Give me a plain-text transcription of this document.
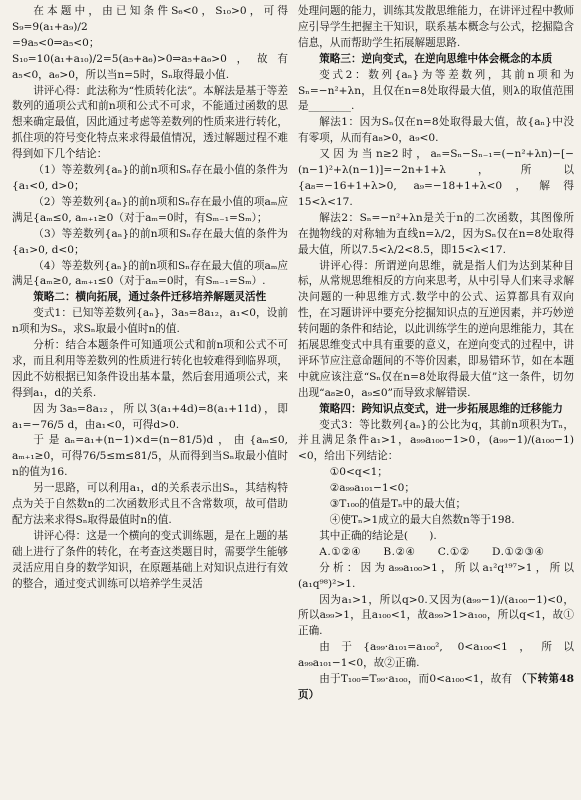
在本题中，由已知条件S₆<0，S₁₀>0，可得S₉=9(a₁+a₉)/2

=9a₅<0⇒a₅<0；

S₁₀=10(a₁+a₁₀)/2=5(a₅+a₆)>0⇒a₅+a₆>0，故有a₅<0，a₆>0，所以当n=5时，Sₙ取得最小值.

讲评心得：此法称为“性质转化法”。本解法是基于等差数列的通项公式和前n项和公式不可求，不能通过函数的思想来确定最值，因此通过考虑等差数列的性质来进行转化，抓住项的符号变化特点来求得最值情况，透过解题过程不难得到如下几个结论：

（1）等差数列{aₙ}的前n项和Sₙ存在最小值的条件为{a₁<0, d>0；

（2）等差数列{aₙ}的前n项和Sₙ存在最小值的项aₘ应满足{aₘ≤0, aₘ₊₁≥0（对于aₘ=0时，有Sₘ₋₁=Sₘ）；

（3）等差数列{aₙ}的前n项和Sₙ存在最大值的条件为{a₁>0, d<0；

（4）等差数列{aₙ}的前n项和Sₙ存在最大值的项aₘ应满足{aₘ≥0, aₘ₊₁≤0（对于aₘ=0时，有Sₘ₋₁=Sₘ）.

策略二：横向拓展，通过条件迁移培养解题灵活性

变式1：已知等差数列{aₙ}，3a₅=8a₁₂，a₁<0，设前n项和为Sₙ，求Sₙ取最小值时n的值.

分析：结合本题条件可知通项公式和前n项和公式不可求，而且利用等差数列的性质进行转化也较难得到临界项，因此不妨根据已知条件设出基本量，然后套用通项公式，来得到a₁，d的关系.

因为3a₅=8a₁₂，所以3(a₁+4d)=8(a₁+11d)，即a₁=−76/5 d，由a₁<0，可得d>0.

于是aₙ=a₁+(n−1)×d=(n−81/5)d，由{aₘ≤0, aₘ₊₁≥0，可得76/5≤m≤81/5，从而得到当Sₙ取最小值时n的值为16.

另一思路，可以利用a₁，d的关系表示出Sₙ，其结构特点为关于自然数n的二次函数形式且不含常数项，故可借助配方法来求得Sₙ取得最值时n的值.

讲评心得：这是一个横向的变式训练题，是在上题的基础上进行了条件的转化，在考查这类题目时，需要学生能够灵活应用自身的数学知识，在原题基础上对知识点进行有效的整合，通过变式训练可以培养学生灵活

处理问题的能力，训练其发散思维能力，在讲评过程中教师应引导学生把握主干知识，联系基本概念与公式，挖掘隐含信息，从而帮助学生拓展解题思路.

策略三：逆向变式，在逆向思维中体会概念的本质

变式2：数列{aₙ}为等差数列，其前n项和为Sₙ=−n²+λn，且仅在n=8处取得最大值，则λ的取值范围是________.

解法1：因为Sₙ仅在n=8处取得最大值，故{aₙ}中没有零项，从而有a₈>0，a₉<0.

又因为当n≥2时，aₙ=Sₙ−Sₙ₋₁=(−n²+λn)−[−(n−1)²+λ(n−1)]=−2n+1+λ，所以{a₈=−16+1+λ>0, a₉=−18+1+λ<0，解得15<λ<17.

解法2：Sₙ=−n²+λn是关于n的二次函数，其图像所在抛物线的对称轴为直线n=λ/2，因为Sₙ仅在n=8处取得最大值，所以7.5<λ/2<8.5，即15<λ<17.

讲评心得：所谓逆向思维，就是指人们为达到某种目标，从常规思维相反的方向来思考，从中引导人们来寻求解决问题的一种思维方式.数学中的公式、运算都具有双向性，在习题讲评中要充分挖掘知识点的互逆因素，并巧妙逆转问题的条件和结论，以此训练学生的逆向思维能力，其在拓展思维变式中具有重要的意义，在逆向变式的过程中，讲评环节应注意命题间的不等价因素，即易错环节，如在本题中就应该注意“Sₙ仅在n=8处取得最大值”这一条件，切勿出现“a₈≥0，a₉≤0”而导致求解错误.

策略四：跨知识点变式，进一步拓展思维的迁移能力

变式3：等比数列{aₙ}的公比为q，其前n项积为Tₙ，并且满足条件a₁>1，a₉₉a₁₀₀−1>0，(a₉₉−1)/(a₁₀₀−1)<0，给出下列结论：

①0<q<1；

②a₉₉a₁₀₁−1<0；

③T₁₀₀的值是Tₙ中的最大值；

④使Tₙ>1成立的最大自然数n等于198.

其中正确的结论是(　　).

A.①②④　　B.②④　　C.①②　　D.①②③④

分析：因为a₉₉a₁₀₀>1，所以a₁²q¹⁹⁷>1，所以(a₁q⁹⁸)²>1.

因为a₁>1，所以q>0.又因为(a₉₉−1)/(a₁₀₀−1)<0，所以a₉₉>1，且a₁₀₀<1，故a₉₉>1>a₁₀₀，所以q<1，故①正确.

由于{a₉₉·a₁₀₁=a₁₀₀², 0<a₁₀₀<1，所以a₉₉a₁₀₁−1<0，故②正确.

由于T₁₀₀=T₉₉·a₁₀₀，而0<a₁₀₀<1，故有 （下转第48页）
